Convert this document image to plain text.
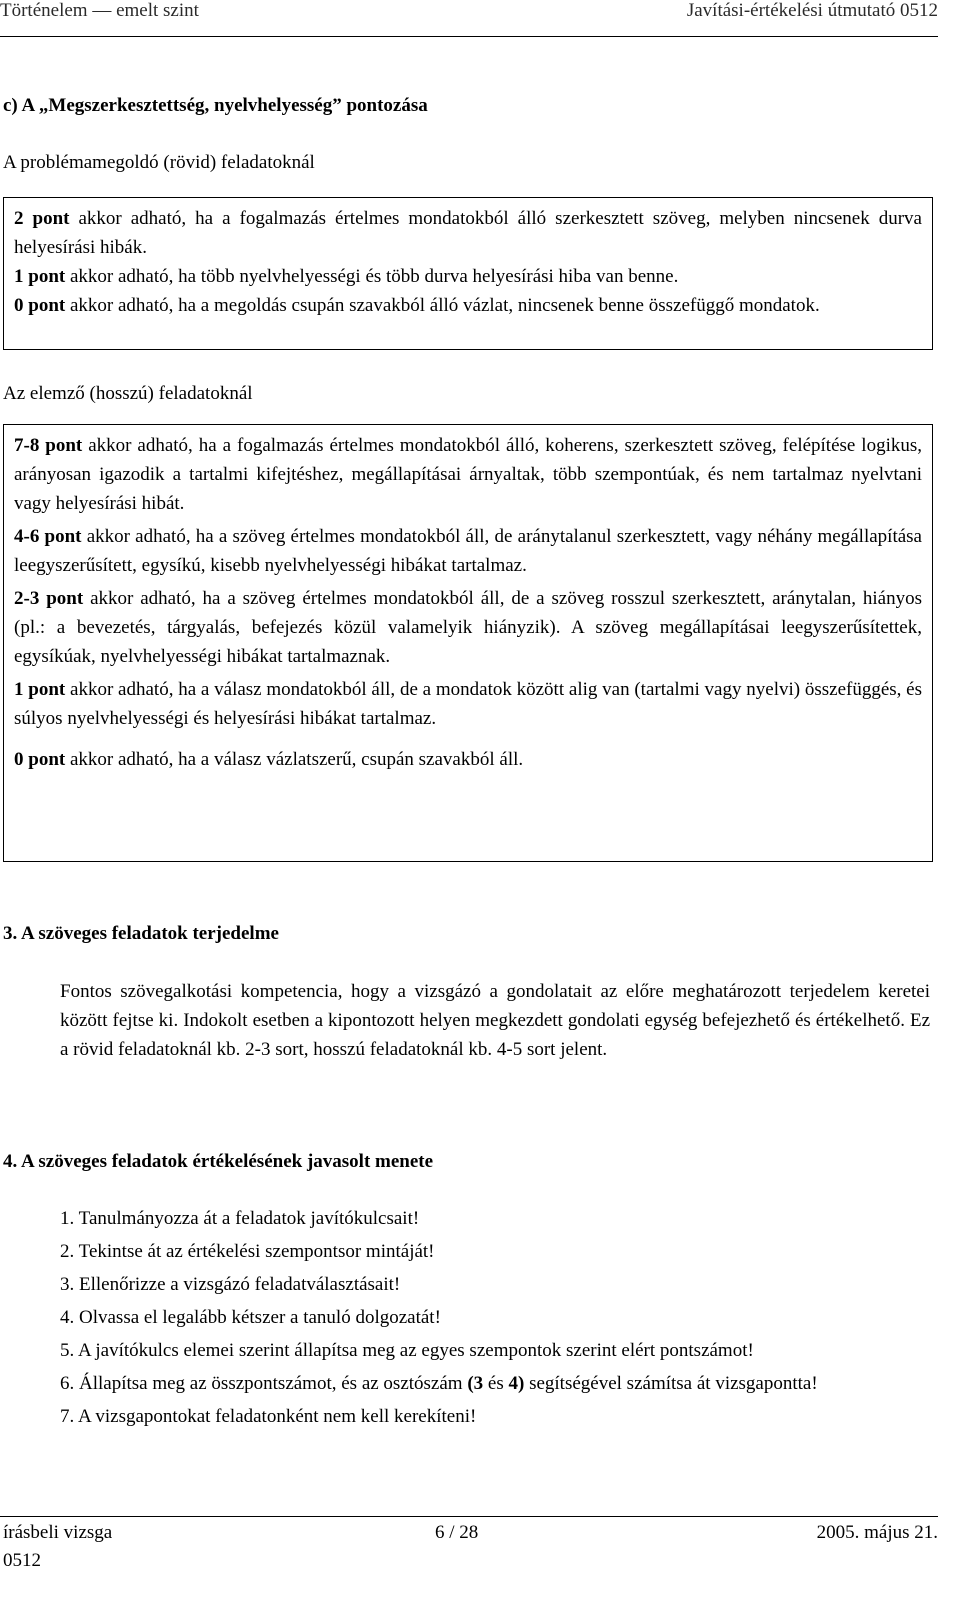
Történelem — emelt szint	Javítási-értékelési útmutató 0512
c) A „Megszerkesztettség, nyelvhelyesség” pontozása
A problémamegoldó (rövid) feladatoknál

2 pont akkor adható, ha a fogalmazás értelmes mondatokból álló szerkesztett szöveg, melyben nincsenek durva helyesírási hibák.

1 pont akkor adható, ha több nyelvhelyességi és több durva helyesírási hiba van benne.

0 pont akkor adható, ha a megoldás csupán szavakból álló vázlat, nincsenek benne összefüggő mondatok.

Az elemző (hosszú) feladatoknál

7-8 pont akkor adható, ha a fogalmazás értelmes mondatokból álló, koherens, szerkesztett szöveg, felépítése logikus, arányosan igazodik a tartalmi kifejtéshez, megállapításai árnyaltak, több szempontúak, és nem tartalmaz nyelvtani vagy helyesírási hibát.

4-6 pont akkor adható, ha a szöveg értelmes mondatokból áll, de aránytalanul szerkesztett, vagy néhány megállapítása leegyszerűsített, egysíkú, kisebb nyelvhelyességi hibákat tartalmaz.

2-3 pont akkor adható, ha a szöveg értelmes mondatokból áll, de a szöveg rosszul szerkesztett, aránytalan, hiányos (pl.: a bevezetés, tárgyalás, befejezés közül valamelyik hiányzik). A szöveg megállapításai leegyszerűsítettek, egysíkúak, nyelvhelyességi hibákat tartalmaznak.

1 pont akkor adható, ha a válasz mondatokból áll, de a mondatok között alig van (tartalmi vagy nyelvi) összefüggés, és súlyos nyelvhelyességi és helyesírási hibákat tartalmaz.

0 pont akkor adható, ha a válasz vázlatszerű, csupán szavakból áll.

3. A szöveges feladatok terjedelme
Fontos szövegalkotási kompetencia, hogy a vizsgázó a gondolatait az előre meghatározott terjedelem keretei között fejtse ki. Indokolt esetben a kipontozott helyen megkezdett gondolati egység befejezhető és értékelhető. Ez a rövid feladatoknál kb. 2-3 sort, hosszú feladatoknál kb. 4-5 sort jelent.
4. A szöveges feladatok értékelésének javasolt menete
1. Tanulmányozza át a feladatok javítókulcsait!
2. Tekintse át az értékelési szempontsor mintáját!
3. Ellenőrizze a vizsgázó feladatválasztásait!
4. Olvassa el legalább kétszer a tanuló dolgozatát!
5. A javítókulcs elemei szerint állapítsa meg az egyes szempontok szerint elért pontszámot!
6. Állapítsa meg az összpontszámot, és az osztószám (3 és 4) segítségével számítsa át vizsgapontta!
7. A vizsgapontokat feladatonként nem kell kerekíteni!
írásbeli vizsga
0512
6 / 28	2005. május 21.
